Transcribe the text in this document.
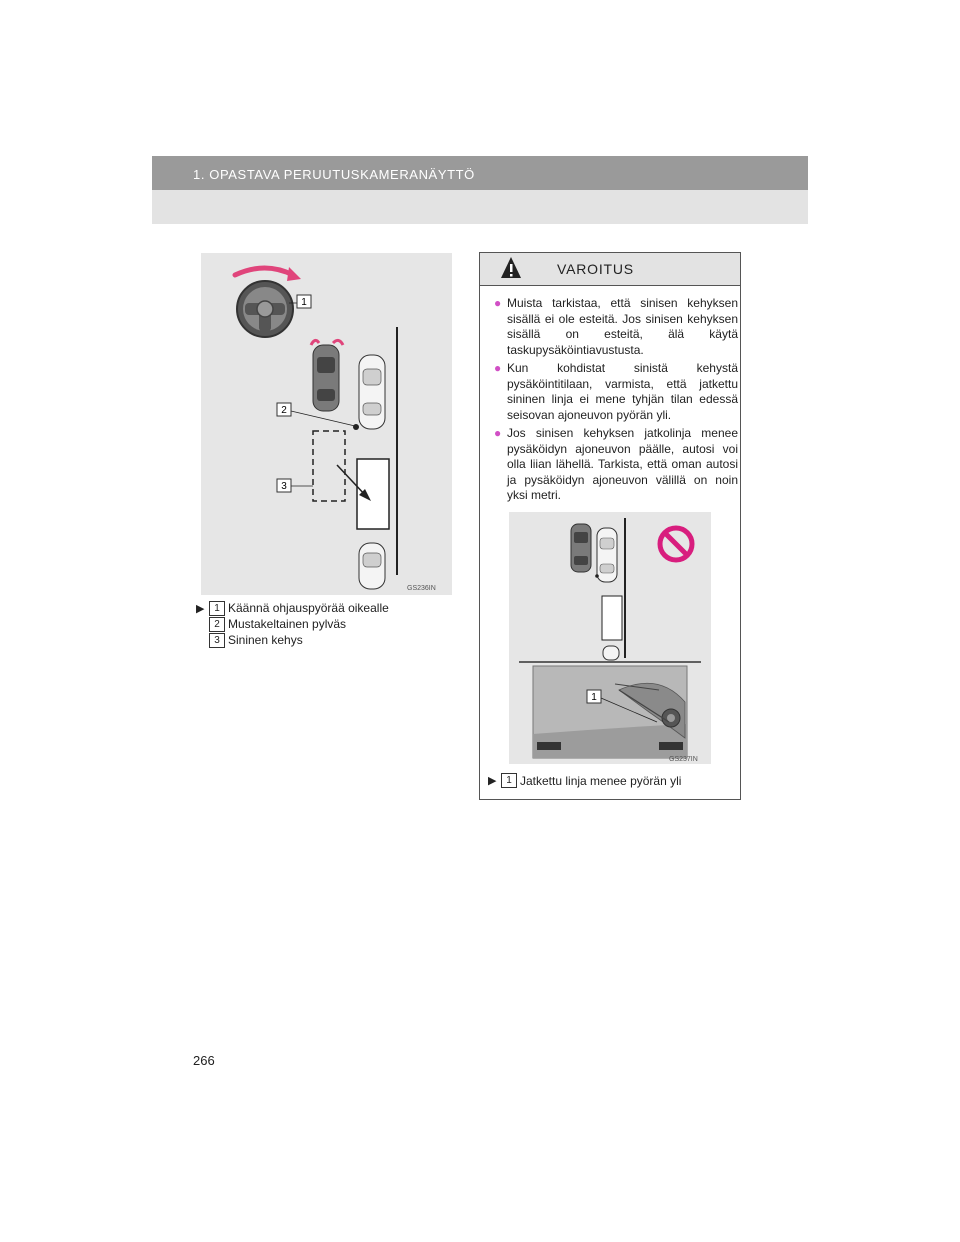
1. OPASTAVA PERUUTUSKAMERANÄYTTÖ
1
2
3
GS236IN
▶ 1 Käännä ohjauspyörää oikealle
2 Mustakeltainen pylväs
3 Sininen kehys
VAROITUS
● Muista tarkistaa, että sinisen kehyksen sisällä ei ole esteitä. Jos sinisen kehyksen sisällä on esteitä, älä käytä taskupysäköintiavustusta.
● Kun kohdistat sinistä kehystä pysäköintitilaan, varmista, että jatkettu sininen linja ei mene tyhjän tilan edessä seisovan ajoneuvon pyörän yli.
● Jos sinisen kehyksen jatkolinja menee pysäköidyn ajoneuvon päälle, autosi voi olla liian lähellä. Tarkista, että oman autosi ja pysäköidyn ajoneuvon välillä on noin yksi metri.
1
GS237IN
▶ 1 Jatkettu linja menee pyörän yli
266
